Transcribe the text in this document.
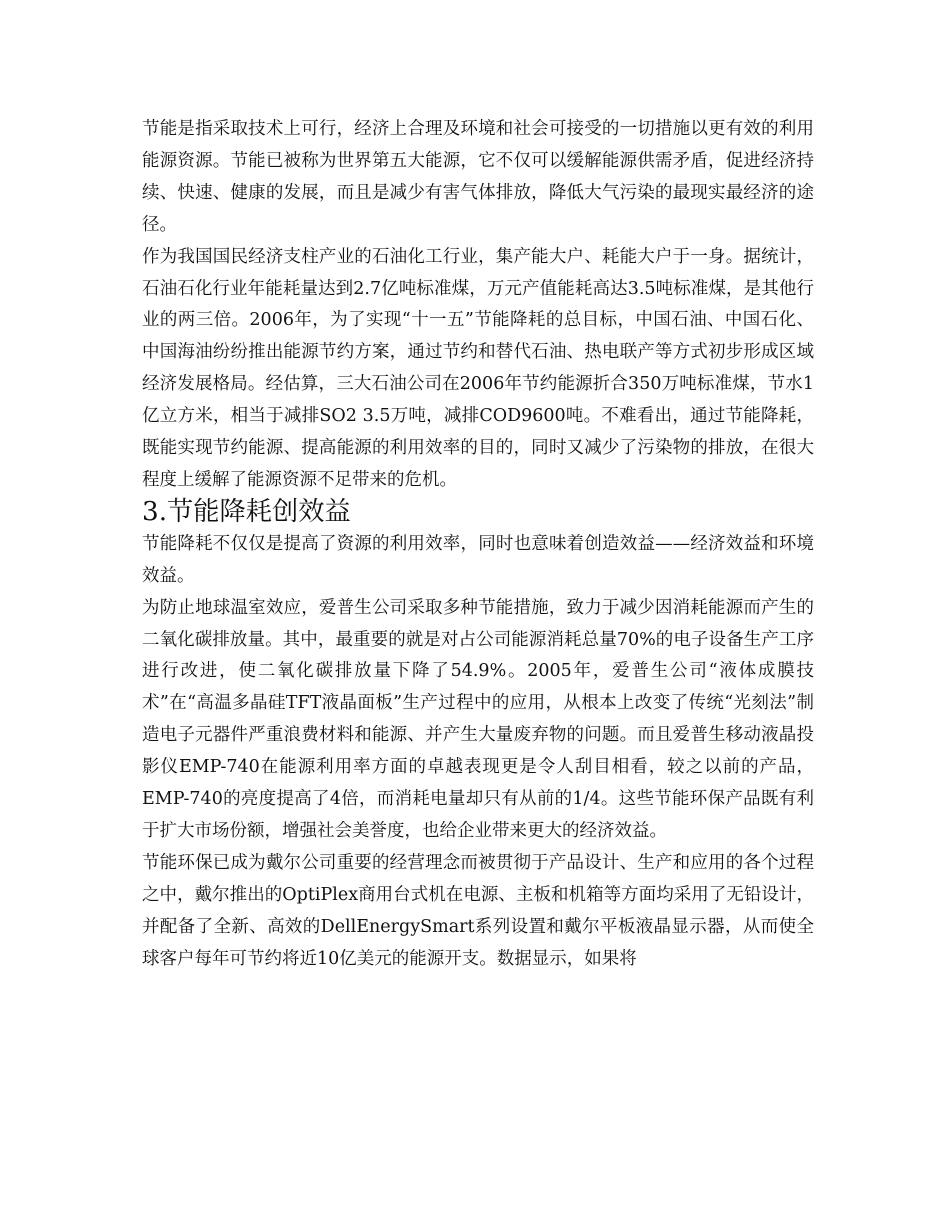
节能是指采取技术上可行，经济上合理及环境和社会可接受的一切措施以更有效的利用能源资源。节能已被称为世界第五大能源，它不仅可以缓解能源供需矛盾，促进经济持续、快速、健康的发展，而且是减少有害气体排放，降低大气污染的最现实最经济的途径。

作为我国国民经济支柱产业的石油化工行业，集产能大户、耗能大户于一身。据统计，石油石化行业年能耗量达到2.7亿吨标准煤，万元产值能耗高达3.5吨标准煤，是其他行业的两三倍。2006年，为了实现“十一五”节能降耗的总目标，中国石油、中国石化、中国海油纷纷推出能源节约方案，通过节约和替代石油、热电联产等方式初步形成区域经济发展格局。经估算，三大石油公司在2006年节约能源折合350万吨标准煤，节水1亿立方米，相当于减排SO2 3.5万吨，减排COD9600吨。不难看出，通过节能降耗，既能实现节约能源、提高能源的利用效率的目的，同时又减少了污染物的排放，在很大程度上缓解了能源资源不足带来的危机。

3.节能降耗创效益

节能降耗不仅仅是提高了资源的利用效率，同时也意味着创造效益——经济效益和环境效益。

为防止地球温室效应，爱普生公司采取多种节能措施，致力于减少因消耗能源而产生的二氧化碳排放量。其中，最重要的就是对占公司能源消耗总量70%的电子设备生产工序进行改进，使二氧化碳排放量下降了54.9%。2005年，爱普生公司“液体成膜技术”在“高温多晶硅TFT液晶面板”生产过程中的应用，从根本上改变了传统“光刻法”制造电子元器件严重浪费材料和能源、并产生大量废弃物的问题。而且爱普生移动液晶投影仪EMP-740在能源利用率方面的卓越表现更是令人刮目相看，较之以前的产品，EMP-740的亮度提高了4倍，而消耗电量却只有从前的1/4。这些节能环保产品既有利于扩大市场份额，增强社会美誉度，也给企业带来更大的经济效益。

节能环保已成为戴尔公司重要的经营理念而被贯彻于产品设计、生产和应用的各个过程之中，戴尔推出的OptiPlex商用台式机在电源、主板和机箱等方面均采用了无铅设计，并配备了全新、高效的DellEnergySmart系列设置和戴尔平板液晶显示器，从而使全球客户每年可节约将近10亿美元的能源开支。数据显示，如果将
